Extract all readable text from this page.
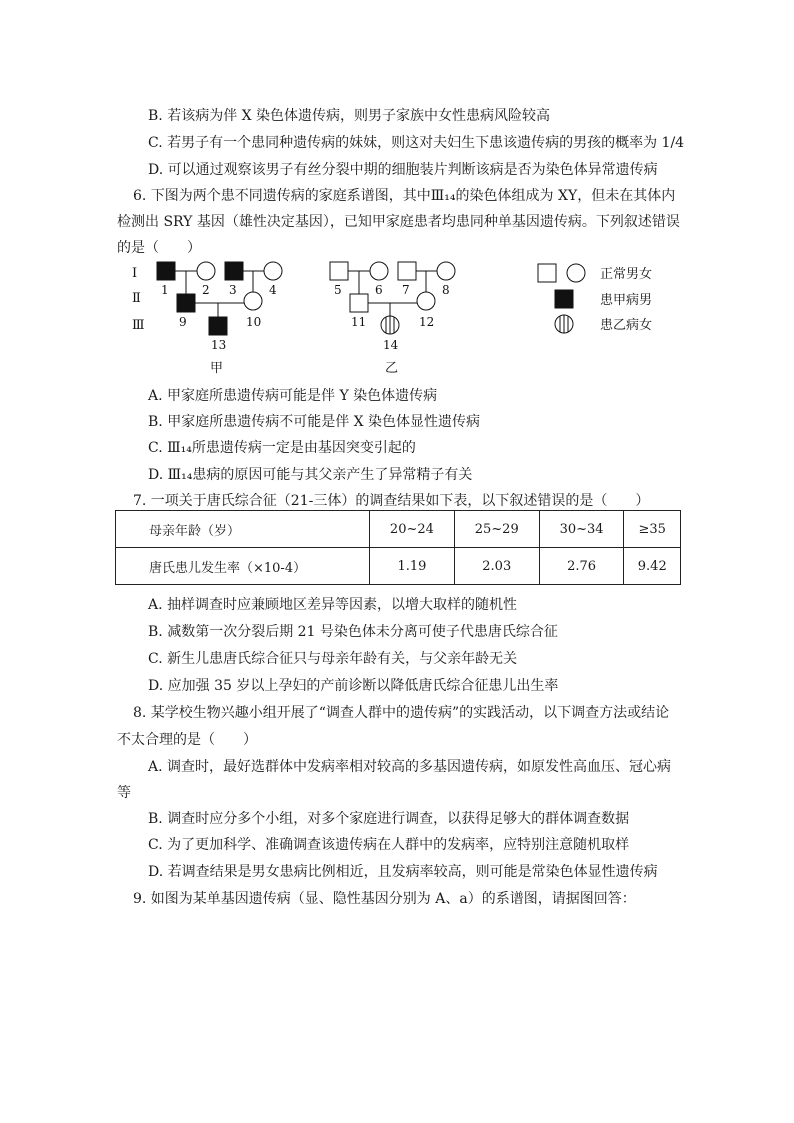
B. 若该病为伴 X 染色体遗传病，则男子家族中女性患病风险较高
C. 若男子有一个患同种遗传病的妹妹，则这对夫妇生下患该遗传病的男孩的概率为 1/4
D. 可以通过观察该男子有丝分裂中期的细胞装片判断该病是否为染色体异常遗传病
6. 下图为两个患不同遗传病的家庭系谱图，其中Ⅲ₁₄的染色体组成为 XY，但未在其体内
检测出 SRY 基因（雄性决定基因），已知甲家庭患者均患同种单基因遗传病。下列叙述错误
的是（　　）
Ⅰ
Ⅱ
Ⅲ
1	2 3	4
9	10
13
甲
5	6 7	8
11	12
14
乙
正常男女
患甲病男
患乙病女
A. 甲家庭所患遗传病可能是伴 Y 染色体遗传病
B. 甲家庭所患遗传病不可能是伴 X 染色体显性遗传病
C. Ⅲ₁₄所患遗传病一定是由基因突变引起的
D. Ⅲ₁₄患病的原因可能与其父亲产生了异常精子有关
7. 一项关于唐氏综合征（21-三体）的调查结果如下表，以下叙述错误的是（　　）
母亲年龄（岁）	20~24	25~29	30~34	≥35
唐氏患儿发生率（×10-4）	1.19	2.03	2.76	9.42
A. 抽样调查时应兼顾地区差异等因素，以增大取样的随机性
B. 减数第一次分裂后期 21 号染色体未分离可使子代患唐氏综合征
C. 新生儿患唐氏综合征只与母亲年龄有关，与父亲年龄无关
D. 应加强 35 岁以上孕妇的产前诊断以降低唐氏综合征患儿出生率
8. 某学校生物兴趣小组开展了“调查人群中的遗传病”的实践活动，以下调查方法或结论
不太合理的是（　　）
A. 调查时，最好选群体中发病率相对较高的多基因遗传病，如原发性高血压、冠心病
等
B. 调查时应分多个小组，对多个家庭进行调查，以获得足够大的群体调查数据
C. 为了更加科学、准确调查该遗传病在人群中的发病率，应特别注意随机取样
D. 若调查结果是男女患病比例相近，且发病率较高，则可能是常染色体显性遗传病
9. 如图为某单基因遗传病（显、隐性基因分别为 A、a）的系谱图，请据图回答：
